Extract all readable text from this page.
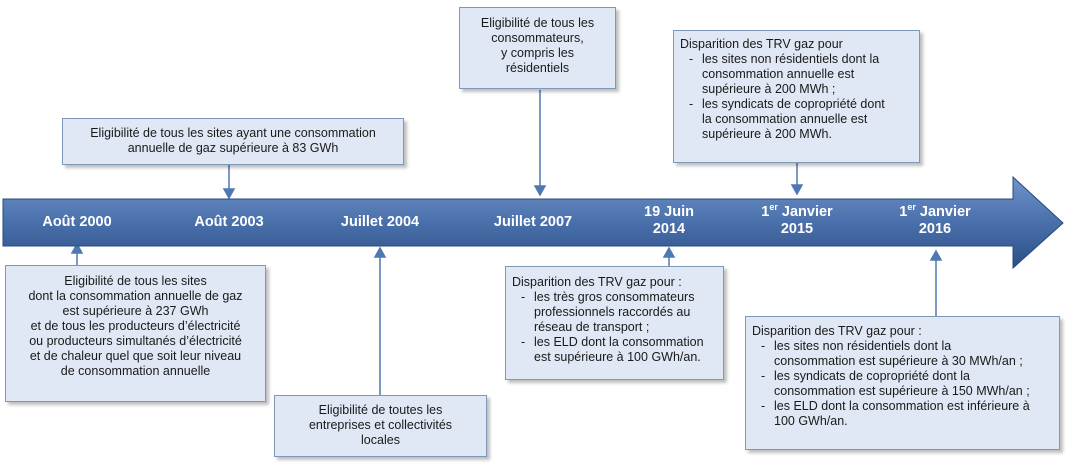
Août 2000	Août 2003	Juillet 2004	Juillet 2007
19 Juin
2014
1er Janvier
2015
1er Janvier
2016
Eligibilité de tous les sites
dont la consommation annuelle de gaz
est supérieure à 237 GWh
et de tous les producteurs d’électricité
ou producteurs simultanés d’électricité
et de chaleur quel que soit leur niveau
de consommation annuelle
Eligibilité de tous les sites ayant une consommation
annuelle de gaz supérieure à 83 GWh
Eligibilité de toutes les
entreprises et collectivités
locales
Eligibilité de tous les
consommateurs,
y compris les
résidentiels
Disparition des TRV gaz pour :
- les très gros consommateurs
professionnels raccordés au
réseau de transport ;
- les ELD dont la consommation
est supérieure à 100 GWh/an.
Disparition des TRV gaz pour
- les sites non résidentiels dont la
consommation annuelle est
supérieure à 200 MWh ;
- les syndicats de copropriété dont
la consommation annuelle est
supérieure à 200 MWh.
Disparition des TRV gaz pour :
- les sites non résidentiels dont la
consommation est supérieure à 30 MWh/an ;
- les syndicats de copropriété dont la
consommation est supérieure à 150 MWh/an ;
- les ELD dont la consommation est inférieure à
100 GWh/an.
